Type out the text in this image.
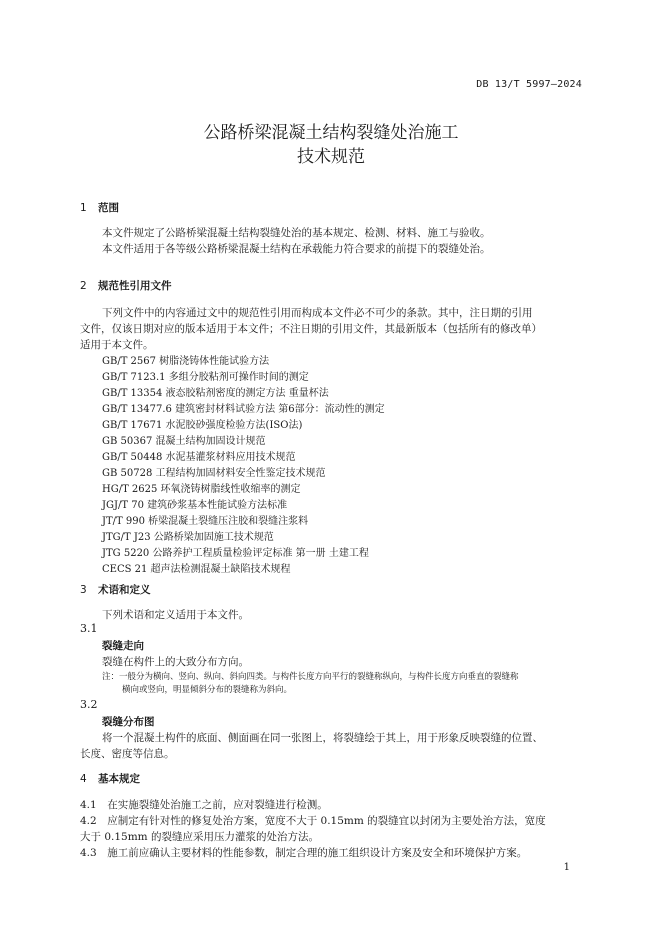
DB 13/T 5997—2024
公路桥梁混凝土结构裂缝处治施工
技术规范
1 范围
本文件规定了公路桥梁混凝土结构裂缝处治的基本规定、检测、材料、施工与验收。
本文件适用于各等级公路桥梁混凝土结构在承载能力符合要求的前提下的裂缝处治。
2 规范性引用文件
下列文件中的内容通过文中的规范性引用而构成本文件必不可少的条款。其中，注日期的引用
文件，仅该日期对应的版本适用于本文件；不注日期的引用文件，其最新版本（包括所有的修改单）
适用于本文件。
GB/T 2567 树脂浇铸体性能试验方法
GB/T 7123.1 多组分胶粘剂可操作时间的测定
GB/T 13354 液态胶粘剂密度的测定方法 重量杯法
GB/T 13477.6 建筑密封材料试验方法 第6部分：流动性的测定
GB/T 17671 水泥胶砂强度检验方法(ISO法)
GB 50367 混凝土结构加固设计规范
GB/T 50448 水泥基灌浆材料应用技术规范
GB 50728 工程结构加固材料安全性鉴定技术规范
HG/T 2625 环氧浇铸树脂线性收缩率的测定
JGJ/T 70 建筑砂浆基本性能试验方法标准
JT/T 990 桥梁混凝土裂缝压注胶和裂缝注浆料
JTG/T J23 公路桥梁加固施工技术规范
JTG 5220 公路养护工程质量检验评定标准 第一册 土建工程
CECS 21 超声法检测混凝土缺陷技术规程
3 术语和定义
下列术语和定义适用于本文件。
3.1
裂缝走向
裂缝在构件上的大致分布方向。
注：一般分为横向、竖向、纵向、斜向四类。与构件长度方向平行的裂缝称纵向，与构件长度方向垂直的裂缝称
横向或竖向，明显倾斜分布的裂缝称为斜向。
3.2
裂缝分布图
将一个混凝土构件的底面、侧面画在同一张图上，将裂缝绘于其上，用于形象反映裂缝的位置、
长度、密度等信息。
4 基本规定
4.1　在实施裂缝处治施工之前，应对裂缝进行检测。
4.2　应制定有针对性的修复处治方案，宽度不大于 0.15mm 的裂缝宜以封闭为主要处治方法，宽度
大于 0.15mm 的裂缝应采用压力灌浆的处治方法。
4.3　施工前应确认主要材料的性能参数，制定合理的施工组织设计方案及安全和环境保护方案。
1
